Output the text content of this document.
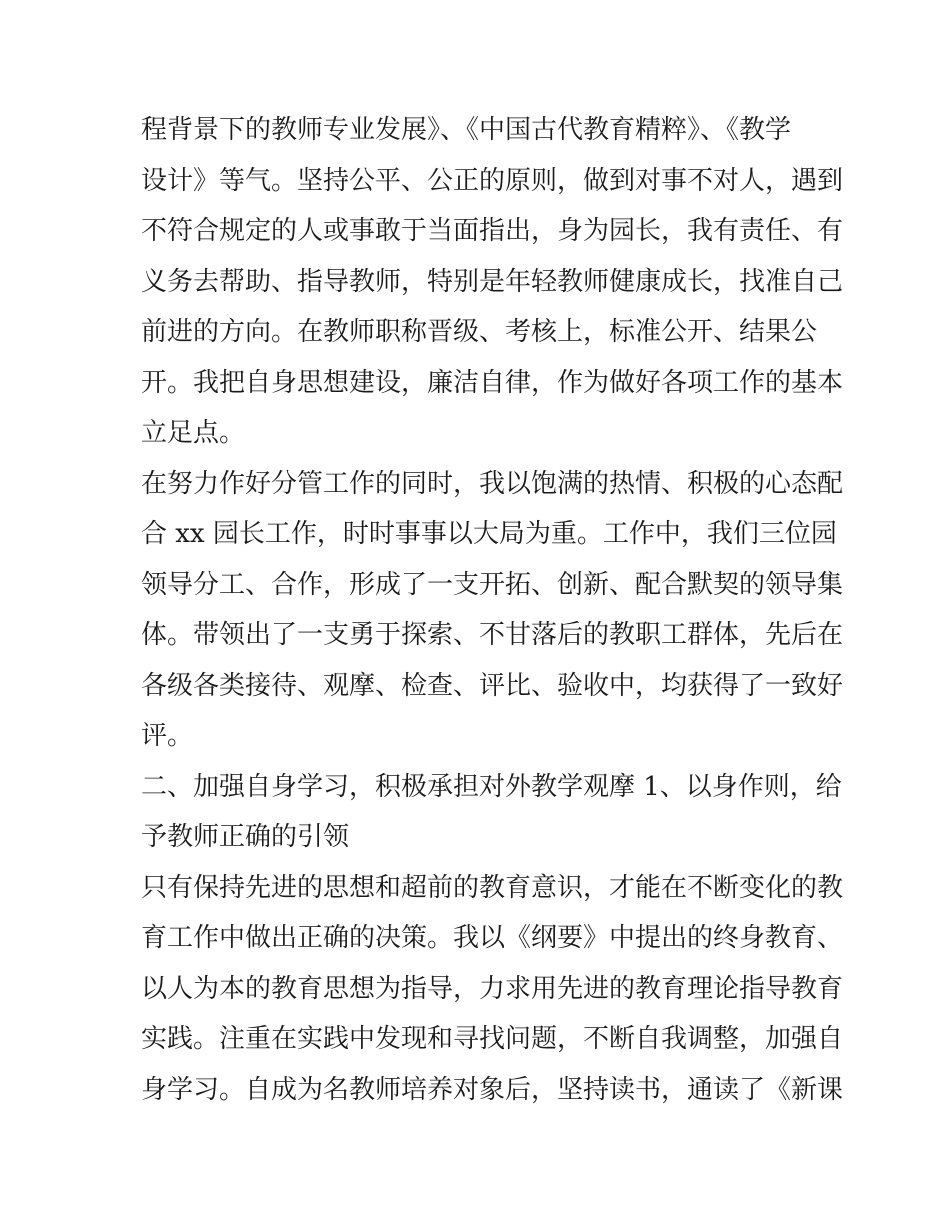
程背景下的教师专业发展》、《中国古代教育精粹》、《教学
设计》等气。坚持公平、公正的原则，做到对事不对人，遇到
不符合规定的人或事敢于当面指出，身为园长，我有责任、有
义务去帮助、指导教师，特别是年轻教师健康成长，找准自己
前进的方向。在教师职称晋级、考核上，标准公开、结果公
开。我把自身思想建设，廉洁自律，作为做好各项工作的基本
立足点。
在努力作好分管工作的同时，我以饱满的热情、积极的心态配
合 xx 园长工作，时时事事以大局为重。工作中，我们三位园
领导分工、合作，形成了一支开拓、创新、配合默契的领导集
体。带领出了一支勇于探索、不甘落后的教职工群体，先后在
各级各类接待、观摩、检查、评比、验收中，均获得了一致好
评。
二、加强自身学习，积极承担对外教学观摩 1、以身作则，给
予教师正确的引领
只有保持先进的思想和超前的教育意识，才能在不断变化的教
育工作中做出正确的决策。我以《纲要》中提出的终身教育、
以人为本的教育思想为指导，力求用先进的教育理论指导教育
实践。注重在实践中发现和寻找问题，不断自我调整，加强自
身学习。自成为名教师培养对象后，坚持读书，通读了《新课
